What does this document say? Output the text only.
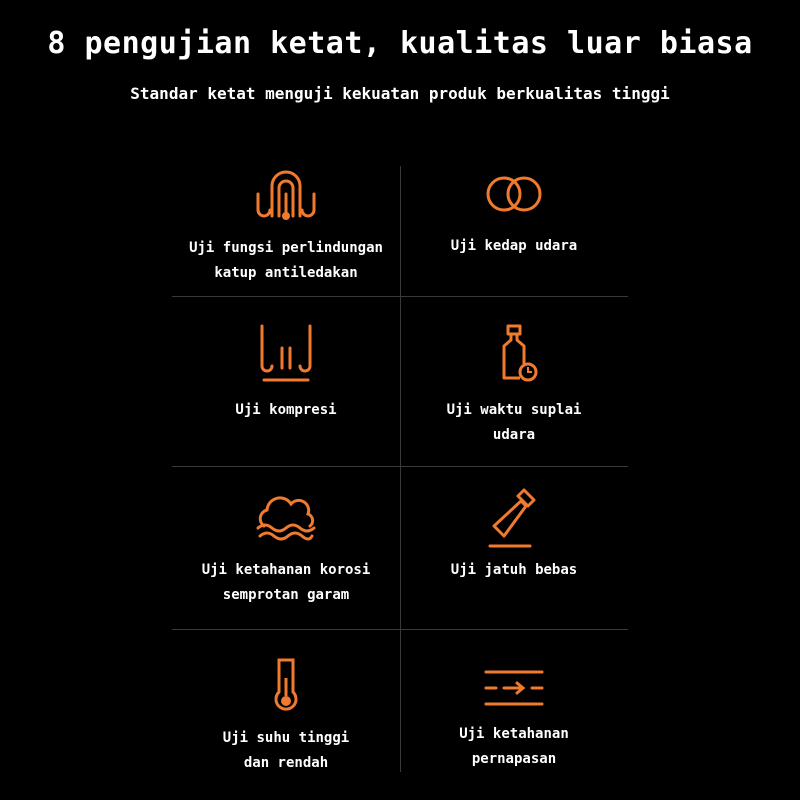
8 pengujian ketat, kualitas luar biasa
Standar ketat menguji kekuatan produk berkualitas tinggi
Uji fungsi perlindungan
katup antiledakan
Uji kedap udara
Uji kompresi	Uji waktu suplai
udara
Uji ketahanan korosi
semprotan garam
Uji jatuh bebas
Uji suhu tinggi
dan rendah
Uji ketahanan
pernapasan
